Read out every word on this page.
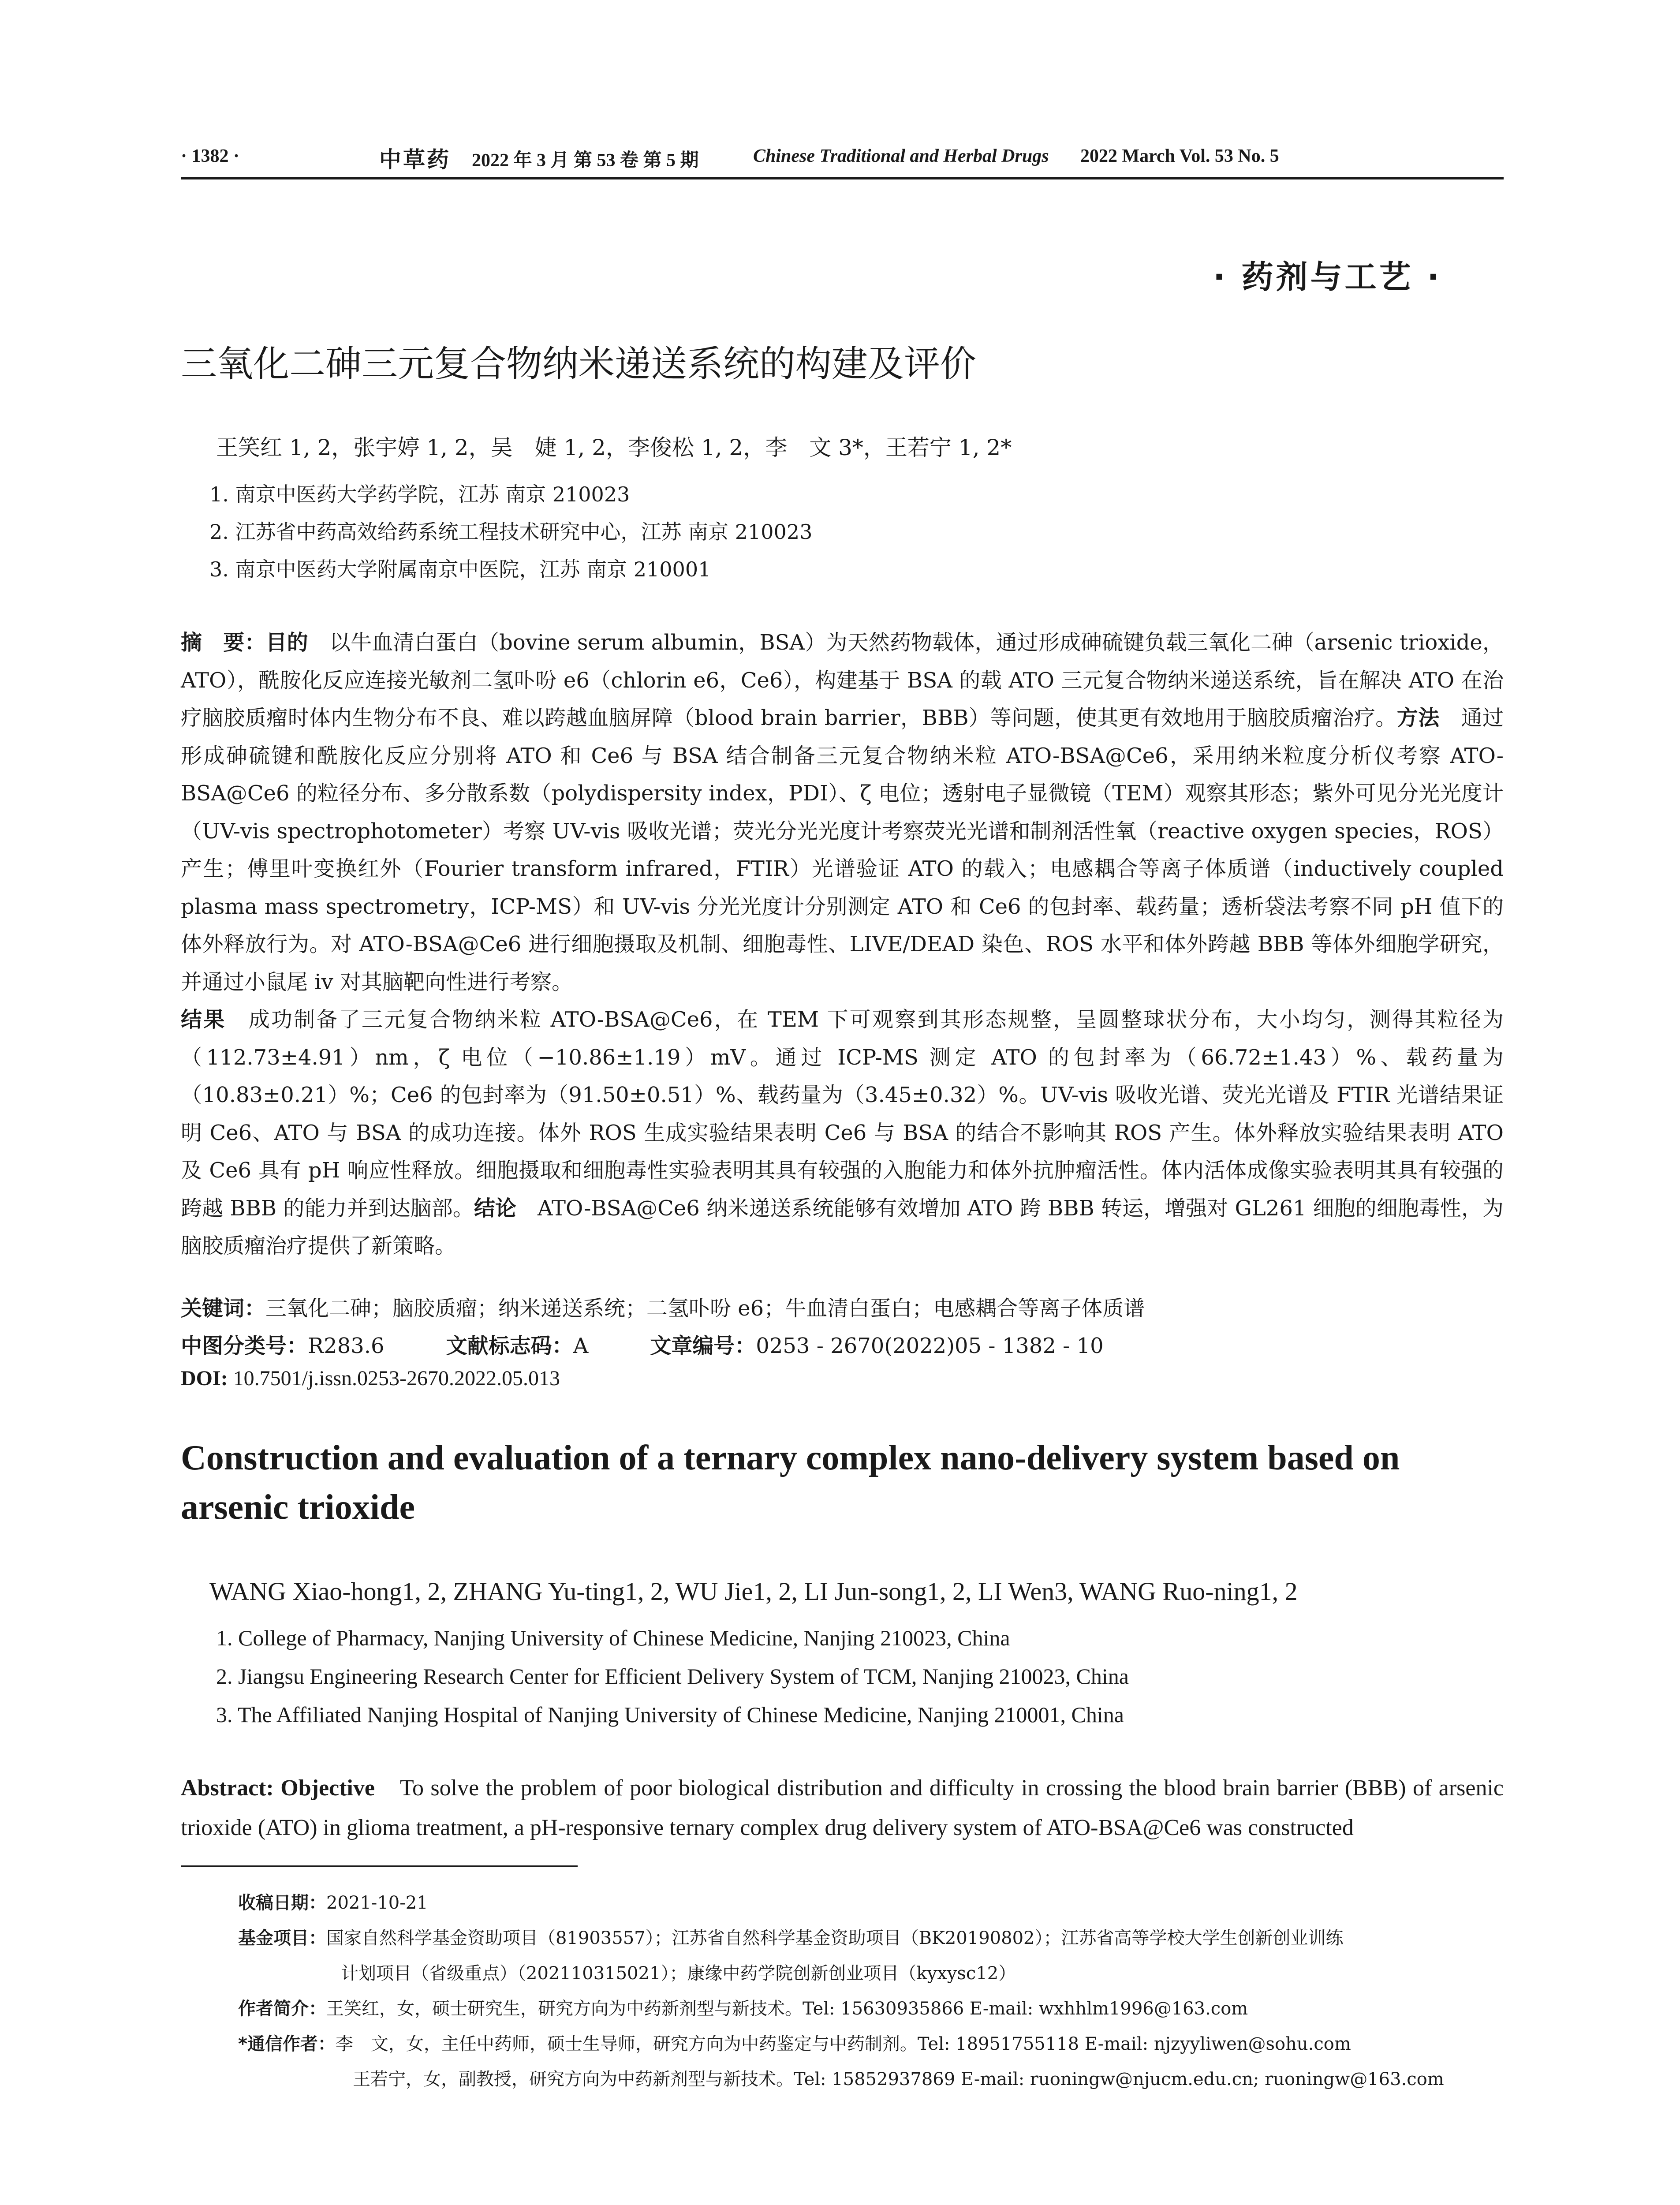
· 1382 ·	中草药 2022 年 3 月 第 53 卷 第 5 期	Chinese Traditional and Herbal Drugs 2022 March Vol. 53 No. 5
· 药剂与工艺 ·
三氧化二砷三元复合物纳米递送系统的构建及评价
王笑红 1, 2，张宇婷 1, 2，吴　婕 1, 2，李俊松 1, 2，李　文 3*，王若宁 1, 2*
1. 南京中医药大学药学院，江苏 南京 210023
2. 江苏省中药高效给药系统工程技术研究中心，江苏 南京 210023
3. 南京中医药大学附属南京中医院，江苏 南京 210001
摘　要：目的　以牛血清白蛋白（bovine serum albumin，BSA）为天然药物载体，通过形成砷硫键负载三氧化二砷（arsenic trioxide，ATO），酰胺化反应连接光敏剂二氢卟吩 e6（chlorin e6，Ce6），构建基于 BSA 的载 ATO 三元复合物纳米递送系统，旨在解决 ATO 在治疗脑胶质瘤时体内生物分布不良、难以跨越血脑屏障（blood brain barrier，BBB）等问题，使其更有效地用于脑胶质瘤治疗。方法　通过形成砷硫键和酰胺化反应分别将 ATO 和 Ce6 与 BSA 结合制备三元复合物纳米粒 ATO-BSA@Ce6，采用纳米粒度分析仪考察 ATO-BSA@Ce6 的粒径分布、多分散系数（polydispersity index，PDI）、ζ 电位；透射电子显微镜（TEM）观察其形态；紫外可见分光光度计（UV-vis spectrophotometer）考察 UV-vis 吸收光谱；荧光分光光度计考察荧光光谱和制剂活性氧（reactive oxygen species，ROS）产生；傅里叶变换红外（Fourier transform infrared，FTIR）光谱验证 ATO 的载入；电感耦合等离子体质谱（inductively coupled plasma mass spectrometry，ICP-MS）和 UV-vis 分光光度计分别测定 ATO 和 Ce6 的包封率、载药量；透析袋法考察不同 pH 值下的体外释放行为。对 ATO-BSA@Ce6 进行细胞摄取及机制、细胞毒性、LIVE/DEAD 染色、ROS 水平和体外跨越 BBB 等体外细胞学研究，并通过小鼠尾 iv 对其脑靶向性进行考察。
结果　成功制备了三元复合物纳米粒 ATO-BSA@Ce6，在 TEM 下可观察到其形态规整，呈圆整球状分布，大小均匀，测得其粒径为（112.73±4.91）nm，ζ 电位（−10.86±1.19）mV。通过 ICP-MS 测定 ATO 的包封率为（66.72±1.43）%、载药量为（10.83±0.21）%；Ce6 的包封率为（91.50±0.51）%、载药量为（3.45±0.32）%。UV-vis 吸收光谱、荧光光谱及 FTIR 光谱结果证明 Ce6、ATO 与 BSA 的成功连接。体外 ROS 生成实验结果表明 Ce6 与 BSA 的结合不影响其 ROS 产生。体外释放实验结果表明 ATO 及 Ce6 具有 pH 响应性释放。细胞摄取和细胞毒性实验表明其具有较强的入胞能力和体外抗肿瘤活性。体内活体成像实验表明其具有较强的跨越 BBB 的能力并到达脑部。结论　ATO-BSA@Ce6 纳米递送系统能够有效增加 ATO 跨 BBB 转运，增强对 GL261 细胞的细胞毒性，为脑胶质瘤治疗提供了新策略。
关键词：三氧化二砷；脑胶质瘤；纳米递送系统；二氢卟吩 e6；牛血清白蛋白；电感耦合等离子体质谱
中图分类号：R283.6	文献标志码：A	文章编号：0253 - 2670(2022)05 - 1382 - 10
DOI: 10.7501/j.issn.0253-2670.2022.05.013
Construction and evaluation of a ternary complex nano-delivery system based on arsenic trioxide
WANG Xiao-hong1, 2, ZHANG Yu-ting1, 2, WU Jie1, 2, LI Jun-song1, 2, LI Wen3, WANG Ruo-ning1, 2
1. College of Pharmacy, Nanjing University of Chinese Medicine, Nanjing 210023, China
2. Jiangsu Engineering Research Center for Efficient Delivery System of TCM, Nanjing 210023, China
3. The Affiliated Nanjing Hospital of Nanjing University of Chinese Medicine, Nanjing 210001, China
Abstract: Objective　To solve the problem of poor biological distribution and difficulty in crossing the blood brain barrier (BBB) of arsenic trioxide (ATO) in glioma treatment, a pH-responsive ternary complex drug delivery system of ATO-BSA@Ce6 was constructed
收稿日期：2021-10-21
基金项目：国家自然科学基金资助项目（81903557）；江苏省自然科学基金资助项目（BK20190802）；江苏省高等学校大学生创新创业训练
计划项目（省级重点）（202110315021）；康缘中药学院创新创业项目（kyxysc12）
作者简介：王笑红，女，硕士研究生，研究方向为中药新剂型与新技术。Tel: 15630935866 E-mail: wxhhlm1996@163.com
*通信作者：李　文，女，主任中药师，硕士生导师，研究方向为中药鉴定与中药制剂。Tel: 18951755118 E-mail: njzyyliwen@sohu.com
王若宁，女，副教授，研究方向为中药新剂型与新技术。Tel: 15852937869 E-mail: ruoningw@njucm.edu.cn; ruoningw@163.com
